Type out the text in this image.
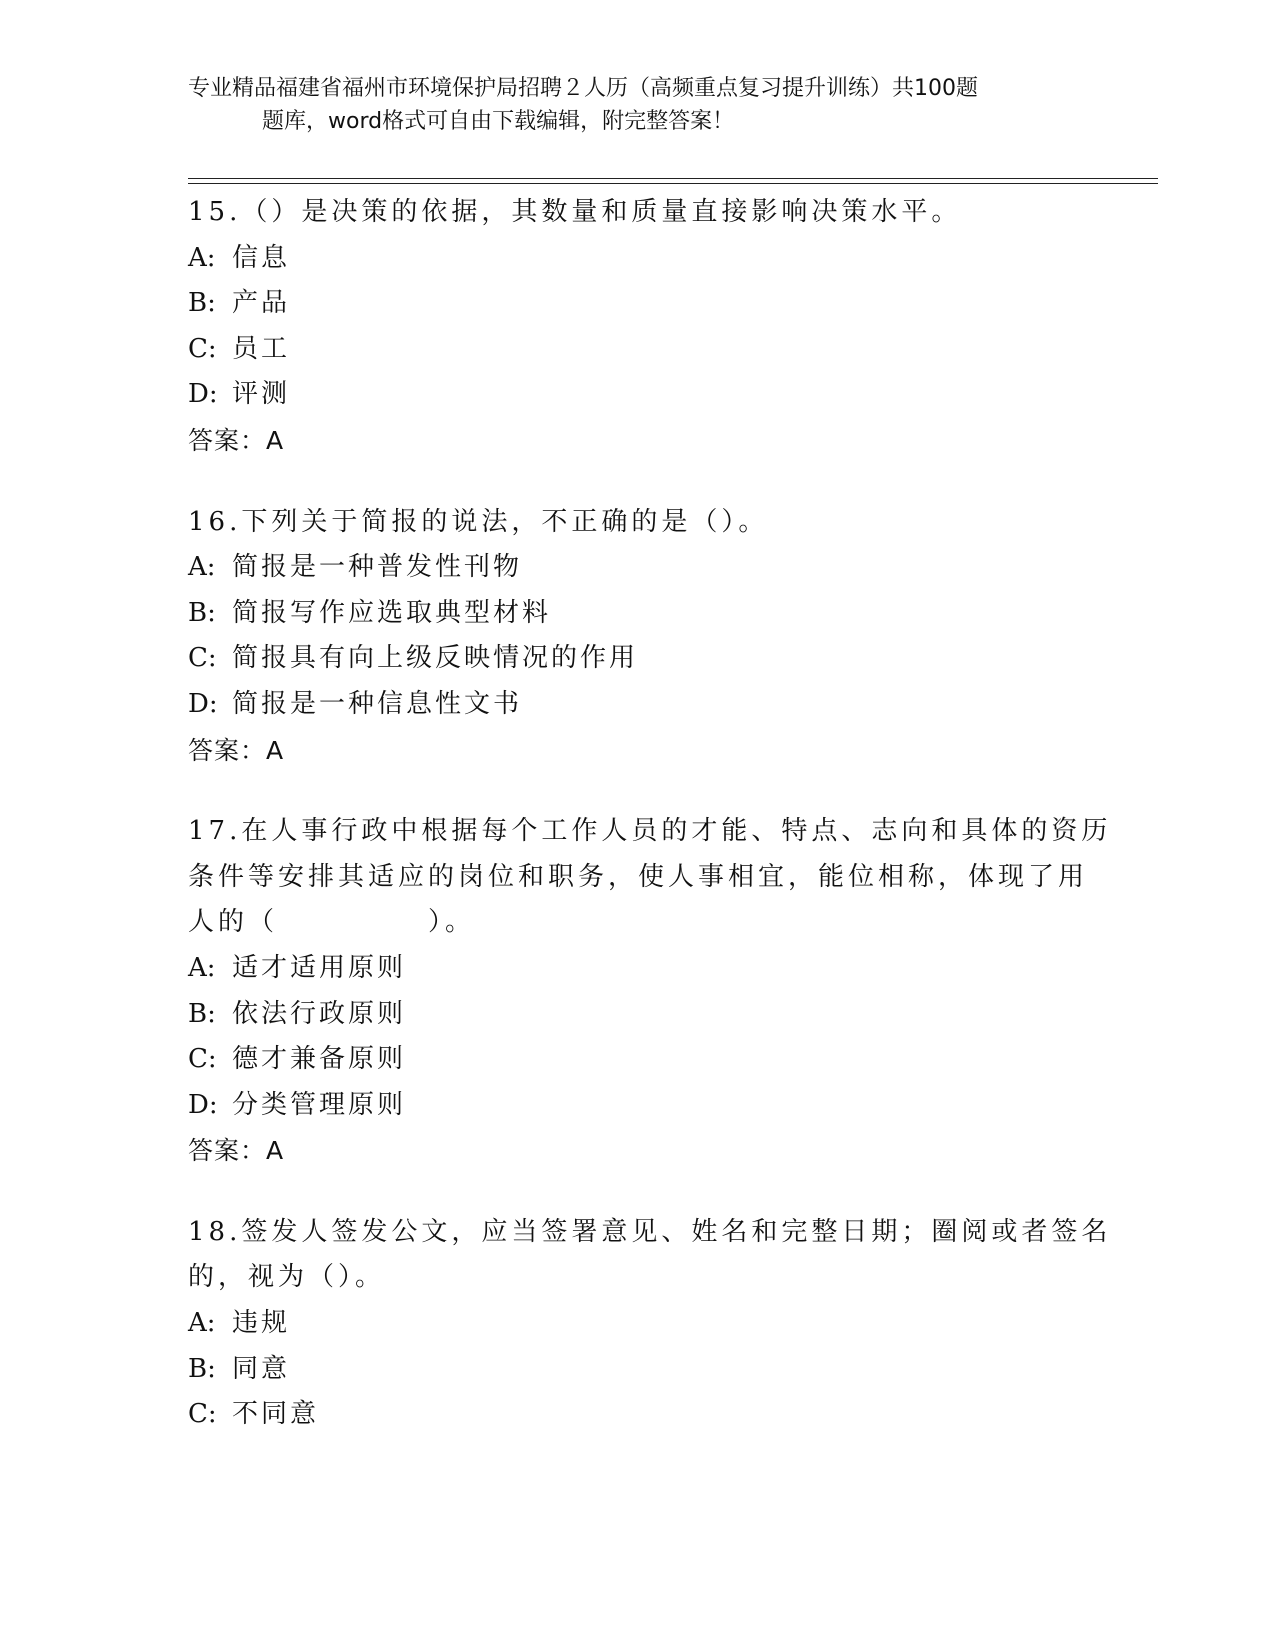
专业精品福建省福州市环境保护局招聘２人历（高频重点复习提升训练）共100题
题库，word格式可自由下载编辑，附完整答案！
15.（）是决策的依据，其数量和质量直接影响决策水平。
A: 信息
B: 产品
C: 员工
D: 评测
答案：A
16.下列关于简报的说法，不正确的是（）。
A: 简报是一种普发性刊物
B: 简报写作应选取典型材料
C: 简报具有向上级反映情况的作用
D: 简报是一种信息性文书
答案：A
17.在人事行政中根据每个工作人员的才能、特点、志向和具体的资历
条件等安排其适应的岗位和职务，使人事相宜，能位相称，体现了用
人的（　　　　　）。
A: 适才适用原则
B: 依法行政原则
C: 德才兼备原则
D: 分类管理原则
答案：A
18.签发人签发公文，应当签署意见、姓名和完整日期；圈阅或者签名
的，视为（）。
A: 违规
B: 同意
C: 不同意
